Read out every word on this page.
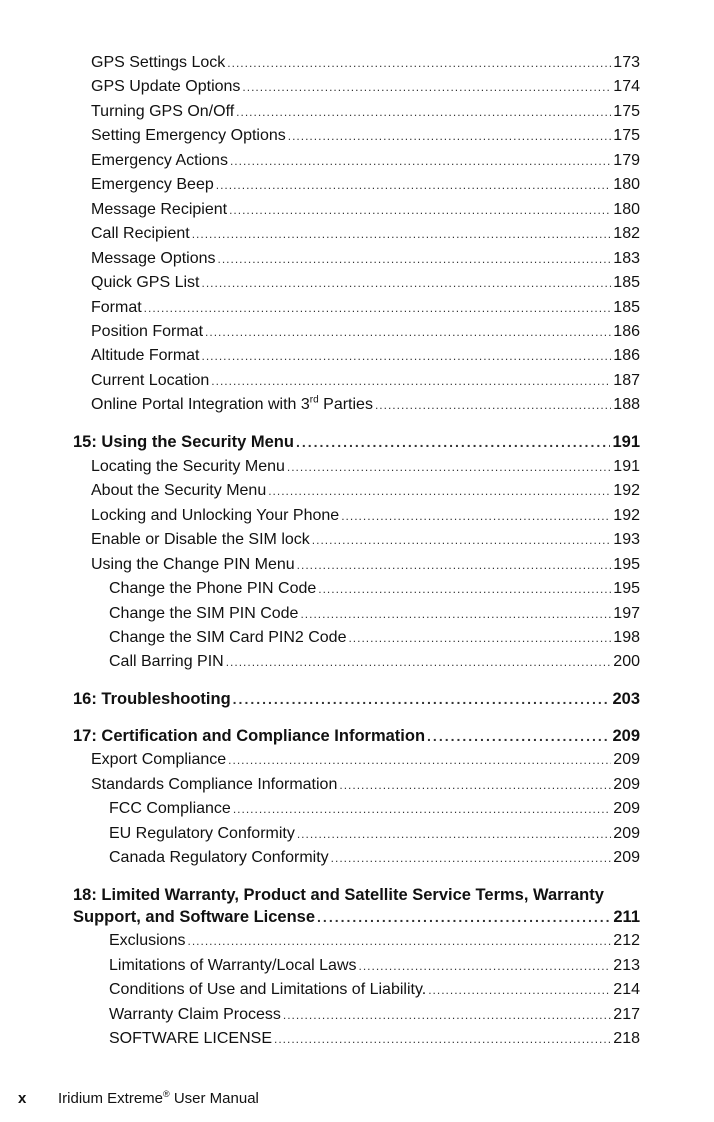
GPS Settings Lock .....	173
GPS Update Options .....	174
Turning GPS On/Off .....	175
Setting Emergency Options .....	175
Emergency Actions .....	179
Emergency Beep .....	180
Message Recipient .....	180
Call Recipient .....	182
Message Options .....	183
Quick GPS List .....	185
Format .....	185
Position Format .....	186
Altitude Format .....	186
Current Location .....	187
Online Portal Integration with 3rd Parties .....	188
15: Using the Security Menu .....	191
Locating the Security Menu .....	191
About the Security Menu .....	192
Locking and Unlocking Your Phone .....	192
Enable or Disable the SIM lock .....	193
Using the Change PIN Menu .....	195
Change the Phone PIN Code .....	195
Change the SIM PIN Code .....	197
Change the SIM Card PIN2 Code .....	198
Call Barring PIN .....	200
16: Troubleshooting .....	203
17: Certification and Compliance Information .....	209
Export Compliance .....	209
Standards Compliance Information .....	209
FCC Compliance .....	209
EU Regulatory Conformity .....	209
Canada Regulatory Conformity .....	209
18: Limited Warranty, Product and Satellite Service Terms, Warranty
Support, and Software License .....	211
Exclusions .....	212
Limitations of Warranty/Local Laws .....	213
Conditions of Use and Limitations of Liability. .....	214
Warranty Claim Process .....	217
SOFTWARE LICENSE .....	218
x Iridium Extreme® User Manual
